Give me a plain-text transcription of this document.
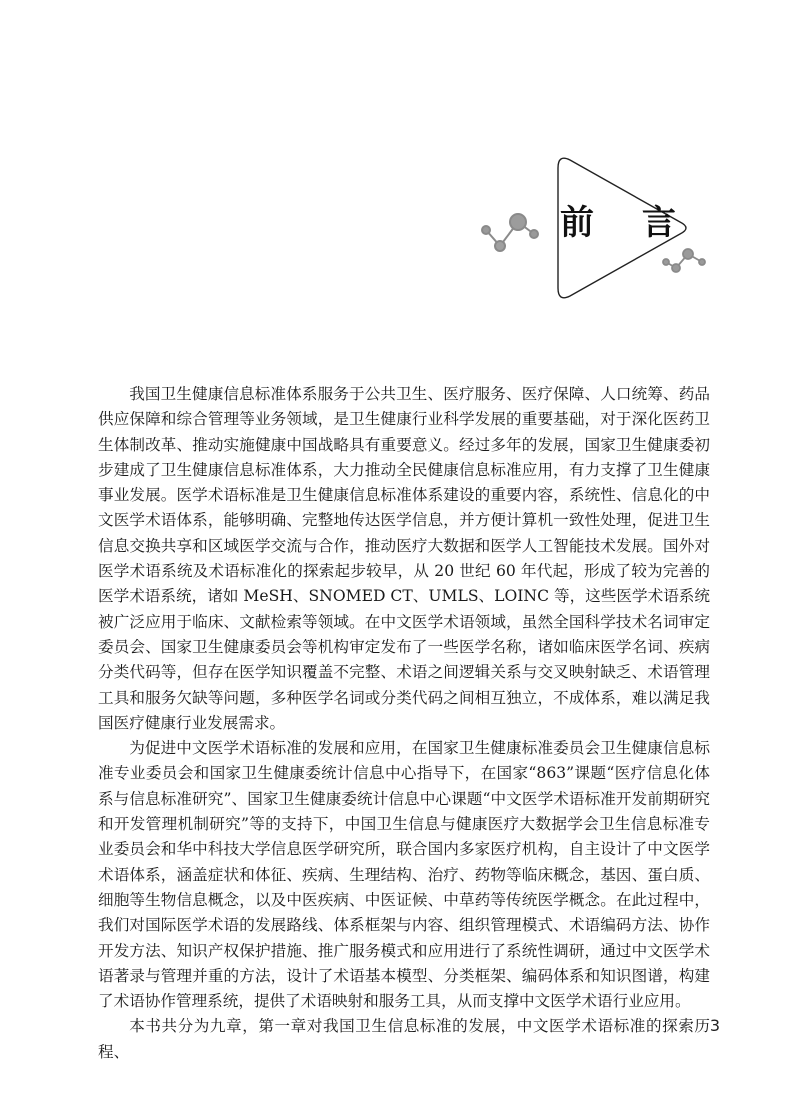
前 言

我国卫生健康信息标准体系服务于公共卫生、医疗服务、医疗保障、人口统筹、药品供应保障和综合管理等业务领域，是卫生健康行业科学发展的重要基础，对于深化医药卫生体制改革、推动实施健康中国战略具有重要意义。经过多年的发展，国家卫生健康委初步建成了卫生健康信息标准体系，大力推动全民健康信息标准应用，有力支撑了卫生健康事业发展。医学术语标准是卫生健康信息标准体系建设的重要内容，系统性、信息化的中文医学术语体系，能够明确、完整地传达医学信息，并方便计算机一致性处理，促进卫生信息交换共享和区域医学交流与合作，推动医疗大数据和医学人工智能技术发展。国外对医学术语系统及术语标准化的探索起步较早，从 20 世纪 60 年代起，形成了较为完善的医学术语系统，诸如 MeSH、SNOMED CT、UMLS、LOINC 等，这些医学术语系统被广泛应用于临床、文献检索等领域。在中文医学术语领域，虽然全国科学技术名词审定委员会、国家卫生健康委员会等机构审定发布了一些医学名称，诸如临床医学名词、疾病分类代码等，但存在医学知识覆盖不完整、术语之间逻辑关系与交叉映射缺乏、术语管理工具和服务欠缺等问题，多种医学名词或分类代码之间相互独立，不成体系，难以满足我国医疗健康行业发展需求。

为促进中文医学术语标准的发展和应用，在国家卫生健康标准委员会卫生健康信息标准专业委员会和国家卫生健康委统计信息中心指导下，在国家“863”课题“医疗信息化体系与信息标准研究”、国家卫生健康委统计信息中心课题“中文医学术语标准开发前期研究和开发管理机制研究”等的支持下，中国卫生信息与健康医疗大数据学会卫生信息标准专业委员会和华中科技大学信息医学研究所，联合国内多家医疗机构，自主设计了中文医学术语体系，涵盖症状和体征、疾病、生理结构、治疗、药物等临床概念，基因、蛋白质、细胞等生物信息概念，以及中医疾病、中医证候、中草药等传统医学概念。在此过程中，我们对国际医学术语的发展路线、体系框架与内容、组织管理模式、术语编码方法、协作开发方法、知识产权保护措施、推广服务模式和应用进行了系统性调研，通过中文医学术语著录与管理并重的方法，设计了术语基本模型、分类框架、编码体系和知识图谱，构建了术语协作管理系统，提供了术语映射和服务工具，从而支撑中文医学术语行业应用。

本书共分为九章，第一章对我国卫生信息标准的发展，中文医学术语标准的探索历程、

3
